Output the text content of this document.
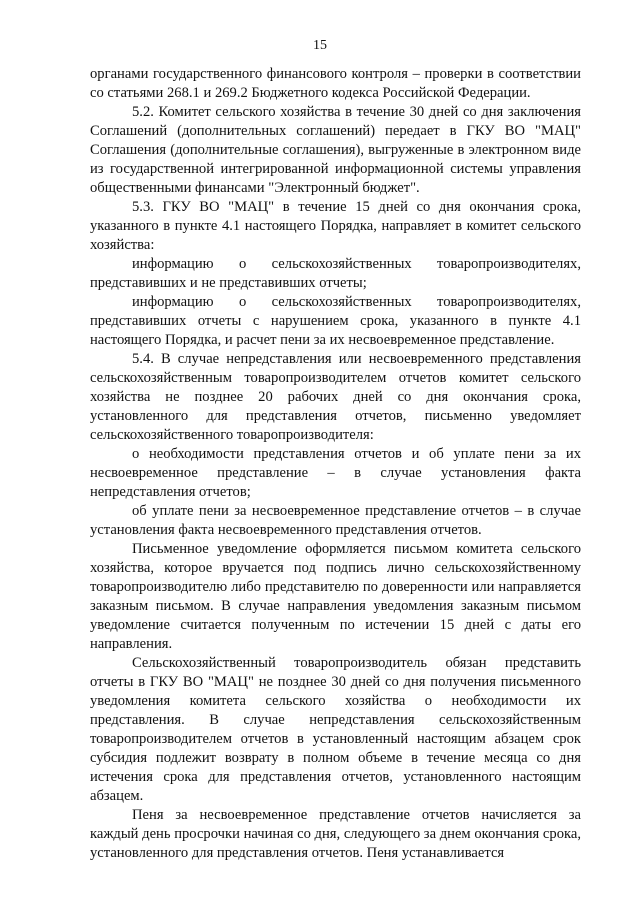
15

органами государственного финансового контроля – проверки в соответствии со статьями 268.1 и 269.2 Бюджетного кодекса Российской Федерации.

5.2. Комитет сельского хозяйства в течение 30 дней со дня заключения Соглашений (дополнительных соглашений) передает в ГКУ ВО "МАЦ" Соглашения (дополнительные соглашения), выгруженные в электронном виде из государственной интегрированной информационной системы управления общественными финансами "Электронный бюджет".

5.3. ГКУ ВО "МАЦ" в течение 15 дней со дня окончания срока, указанного в пункте 4.1 настоящего Порядка, направляет в комитет сельского хозяйства:

информацию о сельскохозяйственных товаропроизводителях, представивших и не представивших отчеты;

информацию о сельскохозяйственных товаропроизводителях, представивших отчеты с нарушением срока, указанного в пункте 4.1 настоящего Порядка, и расчет пени за их несвоевременное представление.

5.4. В случае непредставления или несвоевременного представления сельскохозяйственным товаропроизводителем отчетов комитет сельского хозяйства не позднее 20 рабочих дней со дня окончания срока, установленного для представления отчетов, письменно уведомляет сельскохозяйственного товаропроизводителя:

о необходимости представления отчетов и об уплате пени за их несвоевременное представление – в случае установления факта непредставления отчетов;

об уплате пени за несвоевременное представление отчетов – в случае установления факта несвоевременного представления отчетов.

Письменное уведомление оформляется письмом комитета сельского хозяйства, которое вручается под подпись лично сельскохозяйственному товаропроизводителю либо представителю по доверенности или направляется заказным письмом. В случае направления уведомления заказным письмом уведомление считается полученным по истечении 15 дней с даты его направления.

Сельскохозяйственный товаропроизводитель обязан представить отчеты в ГКУ ВО "МАЦ" не позднее 30 дней со дня получения письменного уведомления комитета сельского хозяйства о необходимости их представления. В случае непредставления сельскохозяйственным товаропроизводителем отчетов в установленный настоящим абзацем срок субсидия подлежит возврату в полном объеме в течение месяца со дня истечения срока для представления отчетов, установленного настоящим абзацем.

Пеня за несвоевременное представление отчетов начисляется за каждый день просрочки начиная со дня, следующего за днем окончания срока, установленного для представления отчетов. Пеня устанавливается
